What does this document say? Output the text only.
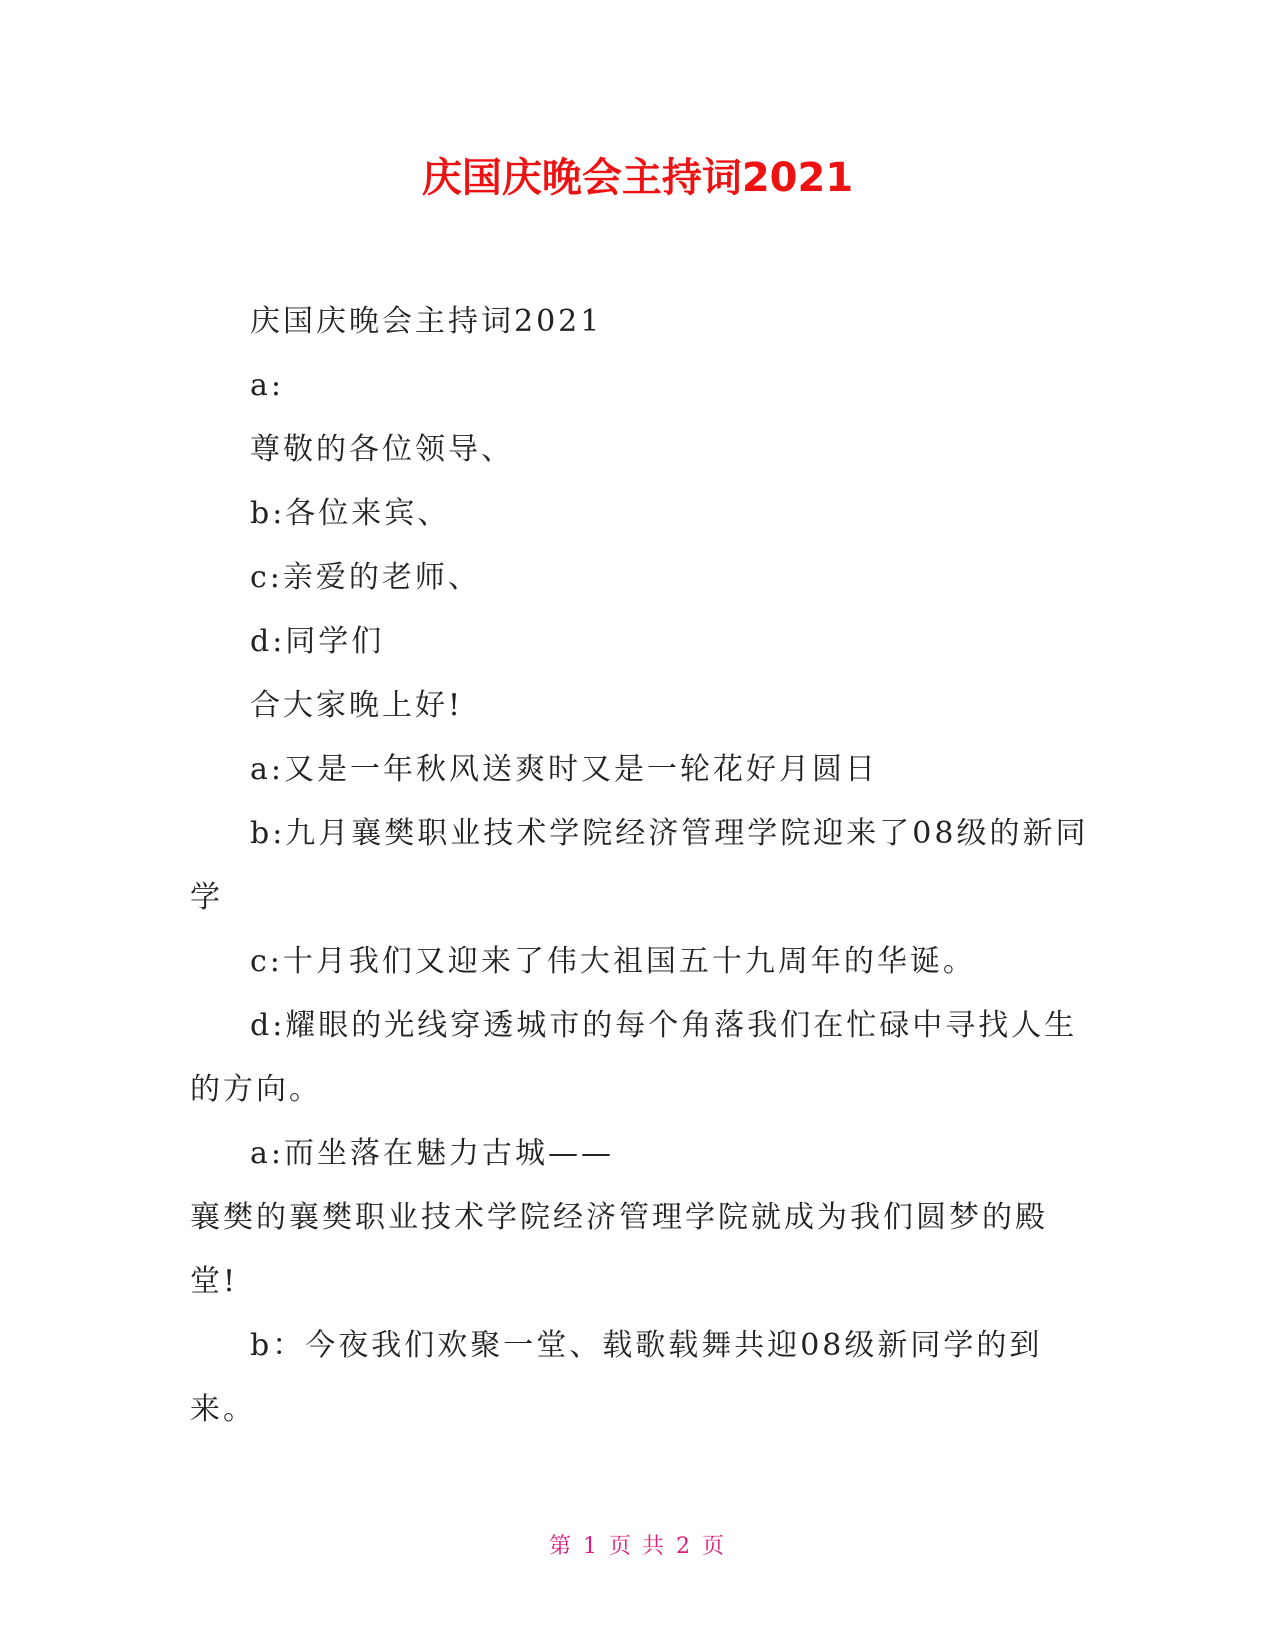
庆国庆晚会主持词2021

庆国庆晚会主持词2021

a:

尊敬的各位领导、

b:各位来宾、

c:亲爱的老师、

d:同学们

合大家晚上好!

a:又是一年秋风送爽时又是一轮花好月圆日

b:九月襄樊职业技术学院经济管理学院迎来了08级的新同学

c:十月我们又迎来了伟大祖国五十九周年的华诞。

d:耀眼的光线穿透城市的每个角落我们在忙碌中寻找人生的方向。

a:而坐落在魅力古城——

襄樊的襄樊职业技术学院经济管理学院就成为我们圆梦的殿堂!

b：今夜我们欢聚一堂、载歌载舞共迎08级新同学的到来。

第 1 页 共 2 页
